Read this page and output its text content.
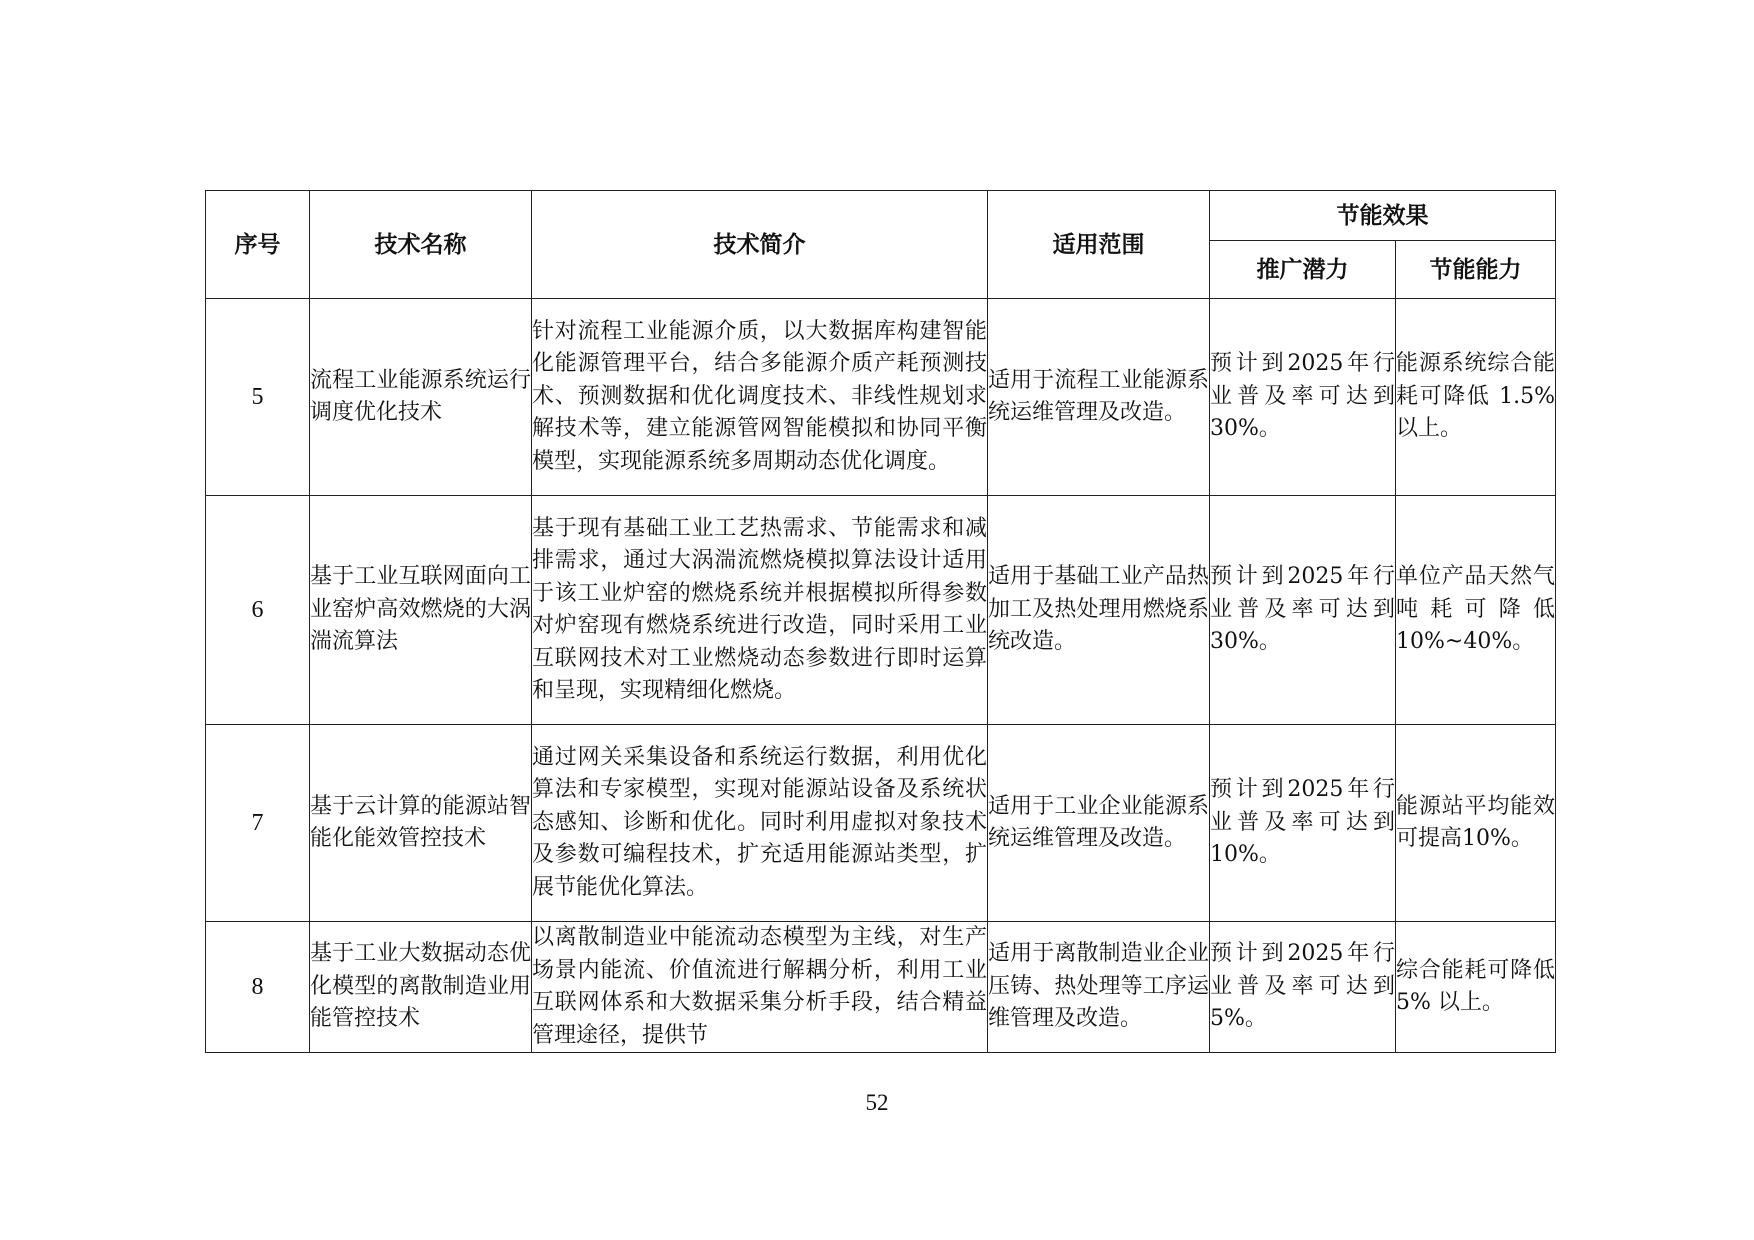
序号	技术名称	技术简介	适用范围	节能效果	
				推广潜力	节能能力
5	流程工业能源系统运行调度优化技术	针对流程工业能源介质，以大数据库构建智能化能源管理平台，结合多能源介质产耗预测技术、预测数据和优化调度技术、非线性规划求解技术等，建立能源管网智能模拟和协同平衡模型，实现能源系统多周期动态优化调度。	适用于流程工业能源系统运维管理及改造。	预计到2025年行业普及率可达到30%。	能源系统综合能耗可降低 1.5% 以上。
6	基于工业互联网面向工业窑炉高效燃烧的大涡湍流算法	基于现有基础工业工艺热需求、节能需求和减排需求，通过大涡湍流燃烧模拟算法设计适用于该工业炉窑的燃烧系统并根据模拟所得参数对炉窑现有燃烧系统进行改造，同时采用工业互联网技术对工业燃烧动态参数进行即时运算和呈现，实现精细化燃烧。	适用于基础工业产品热加工及热处理用燃烧系统改造。	预计到2025年行业普及率可达到30%。	单位产品天然气吨耗可降低10%~40%。
7	基于云计算的能源站智能化能效管控技术	通过网关采集设备和系统运行数据，利用优化算法和专家模型，实现对能源站设备及系统状态感知、诊断和优化。同时利用虚拟对象技术及参数可编程技术，扩充适用能源站类型，扩展节能优化算法。	适用于工业企业能源系统运维管理及改造。	预计到2025年行业普及率可达到10%。	能源站平均能效可提高10%。
8	基于工业大数据动态优化模型的离散制造业用能管控技术	以离散制造业中能流动态模型为主线，对生产场景内能流、价值流进行解耦分析，利用工业互联网体系和大数据采集分析手段，结合精益管理途径，提供节	适用于离散制造业企业压铸、热处理等工序运维管理及改造。	预计到2025年行业普及率可达到5%。	综合能耗可降低 5% 以上。
52
